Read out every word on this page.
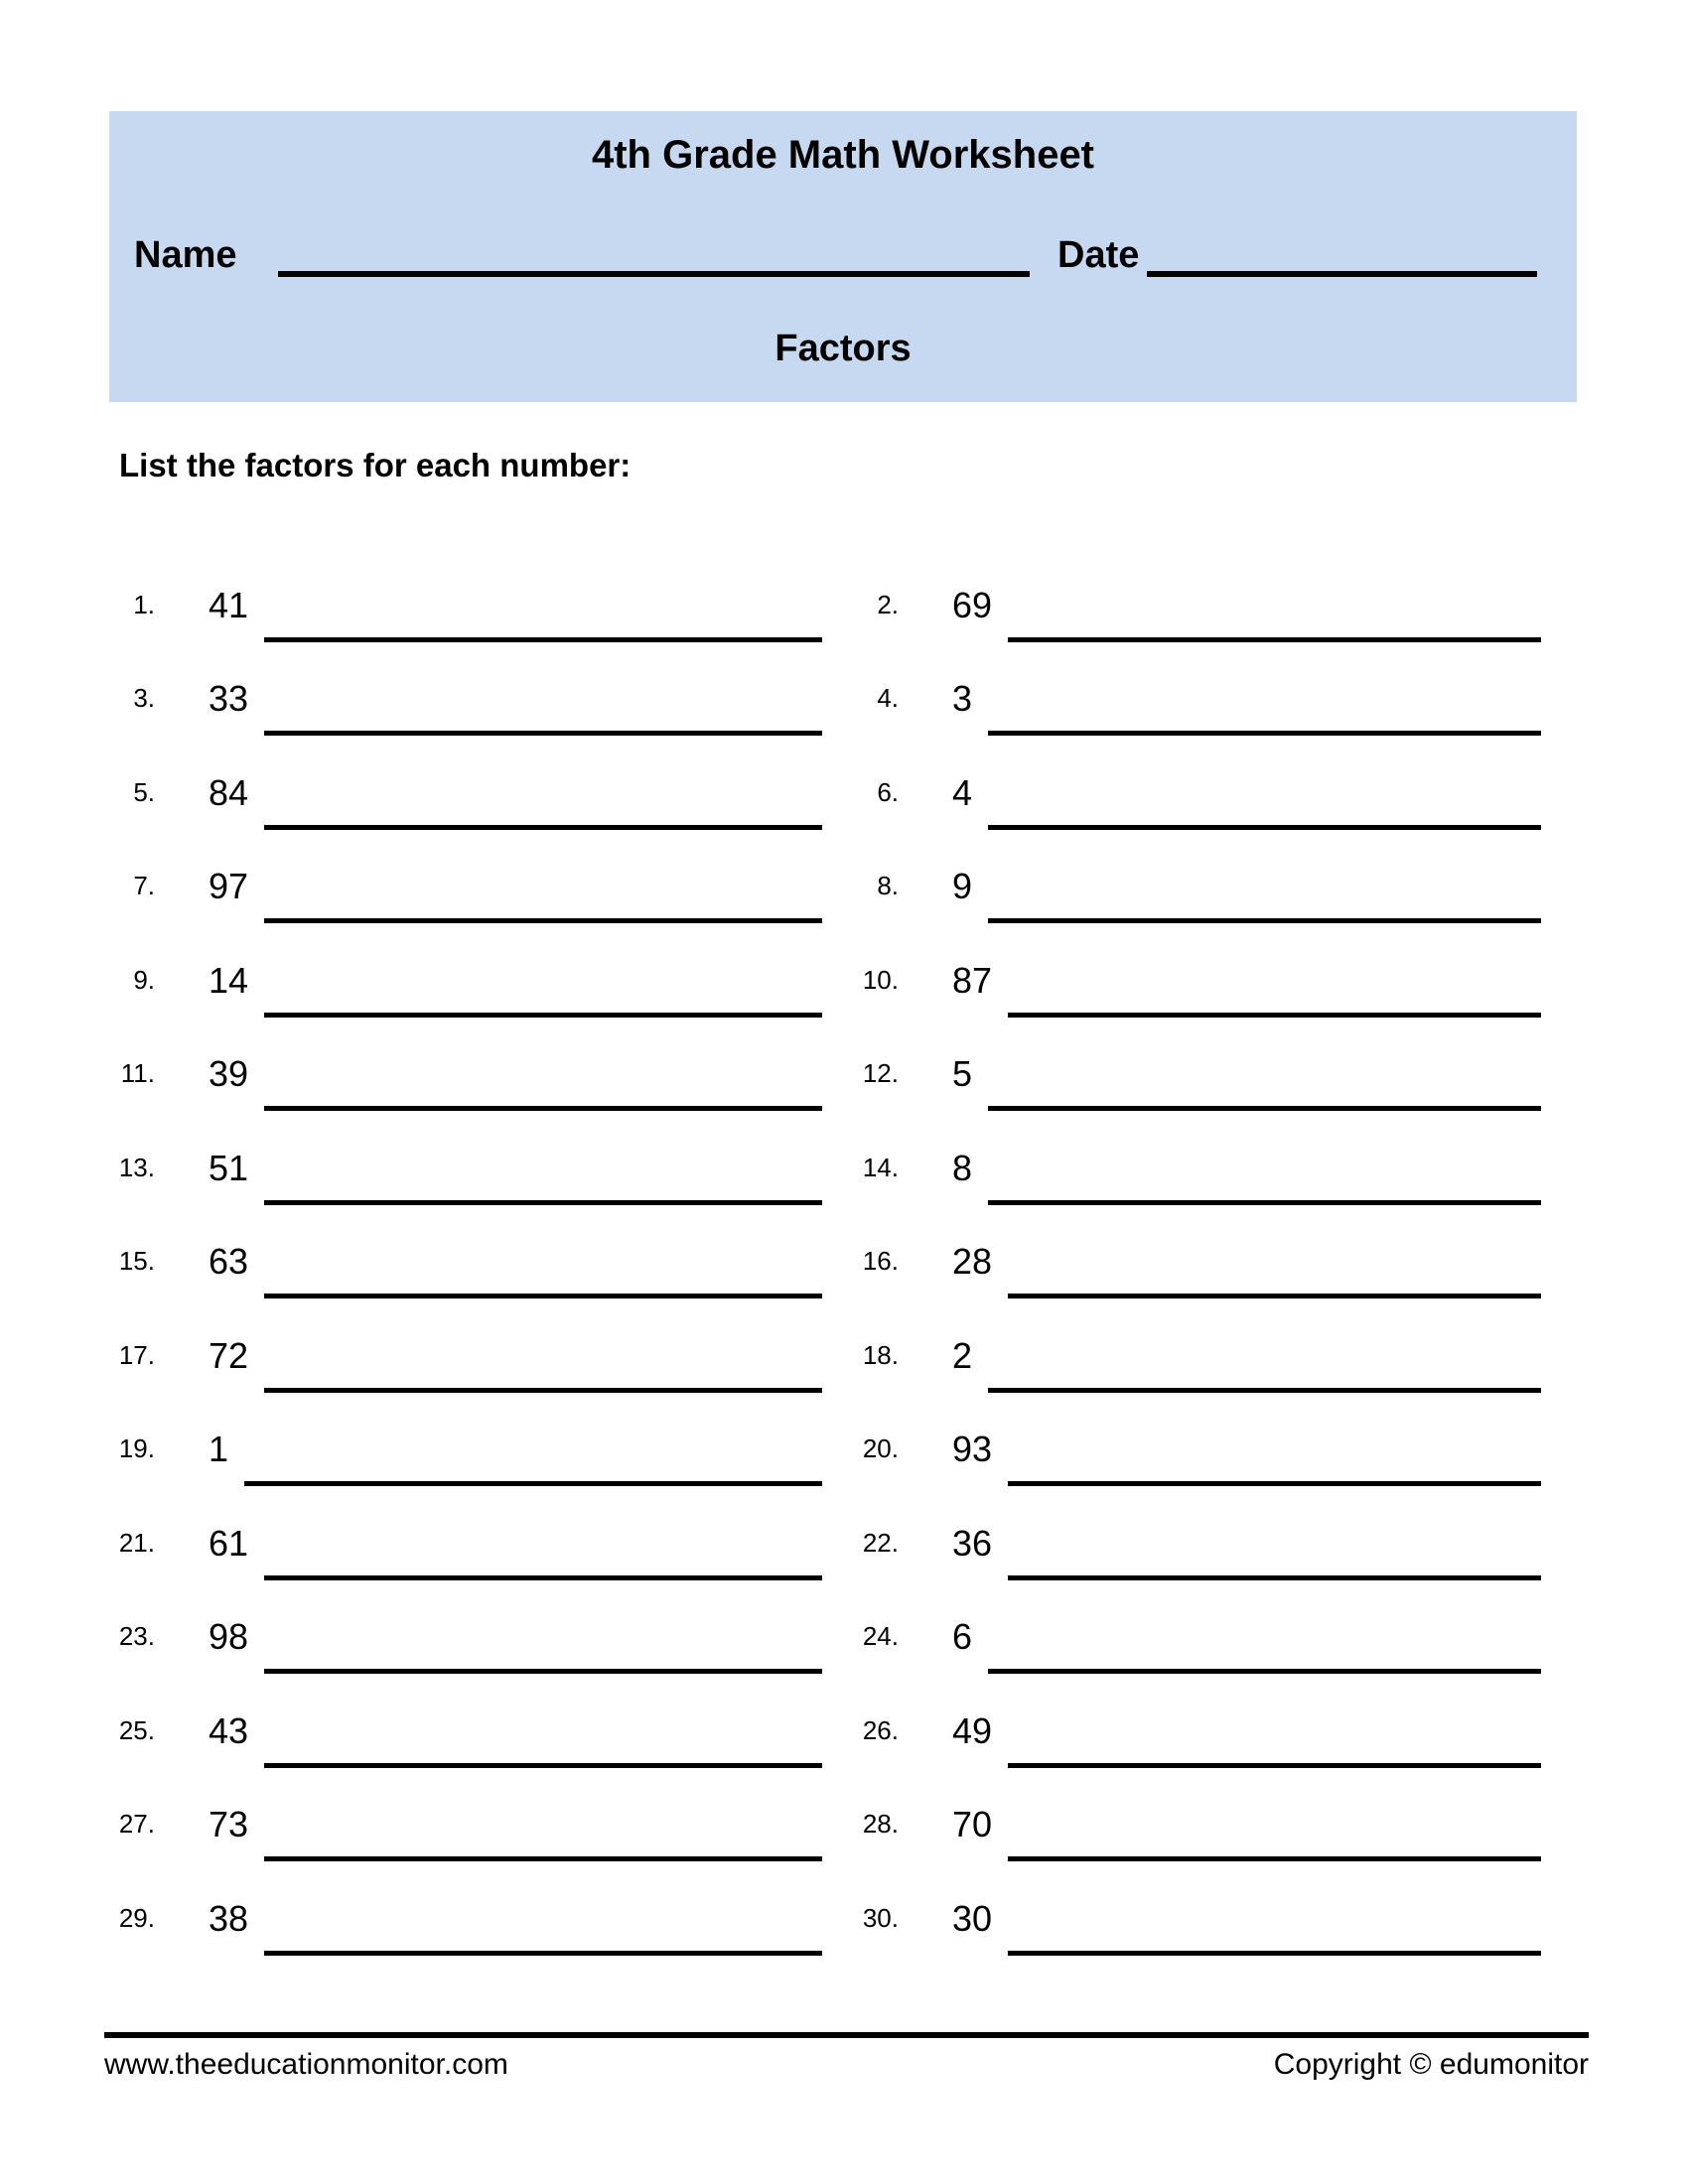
4th Grade Math Worksheet
Name	Date
Factors
List the factors for each number:
1. 41	2. 69
3. 33	4. 3
5. 84	6. 4
7. 97	8. 9
9. 14	10. 87
11. 39	12. 5
13. 51	14. 8
15. 63	16. 28
17. 72	18. 2
19. 1	20. 93
21. 61	22. 36
23. 98	24. 6
25. 43	26. 49
27. 73	28. 70
29. 38	30. 30
www.theeducationmonitor.com	Copyright © edumonitor
